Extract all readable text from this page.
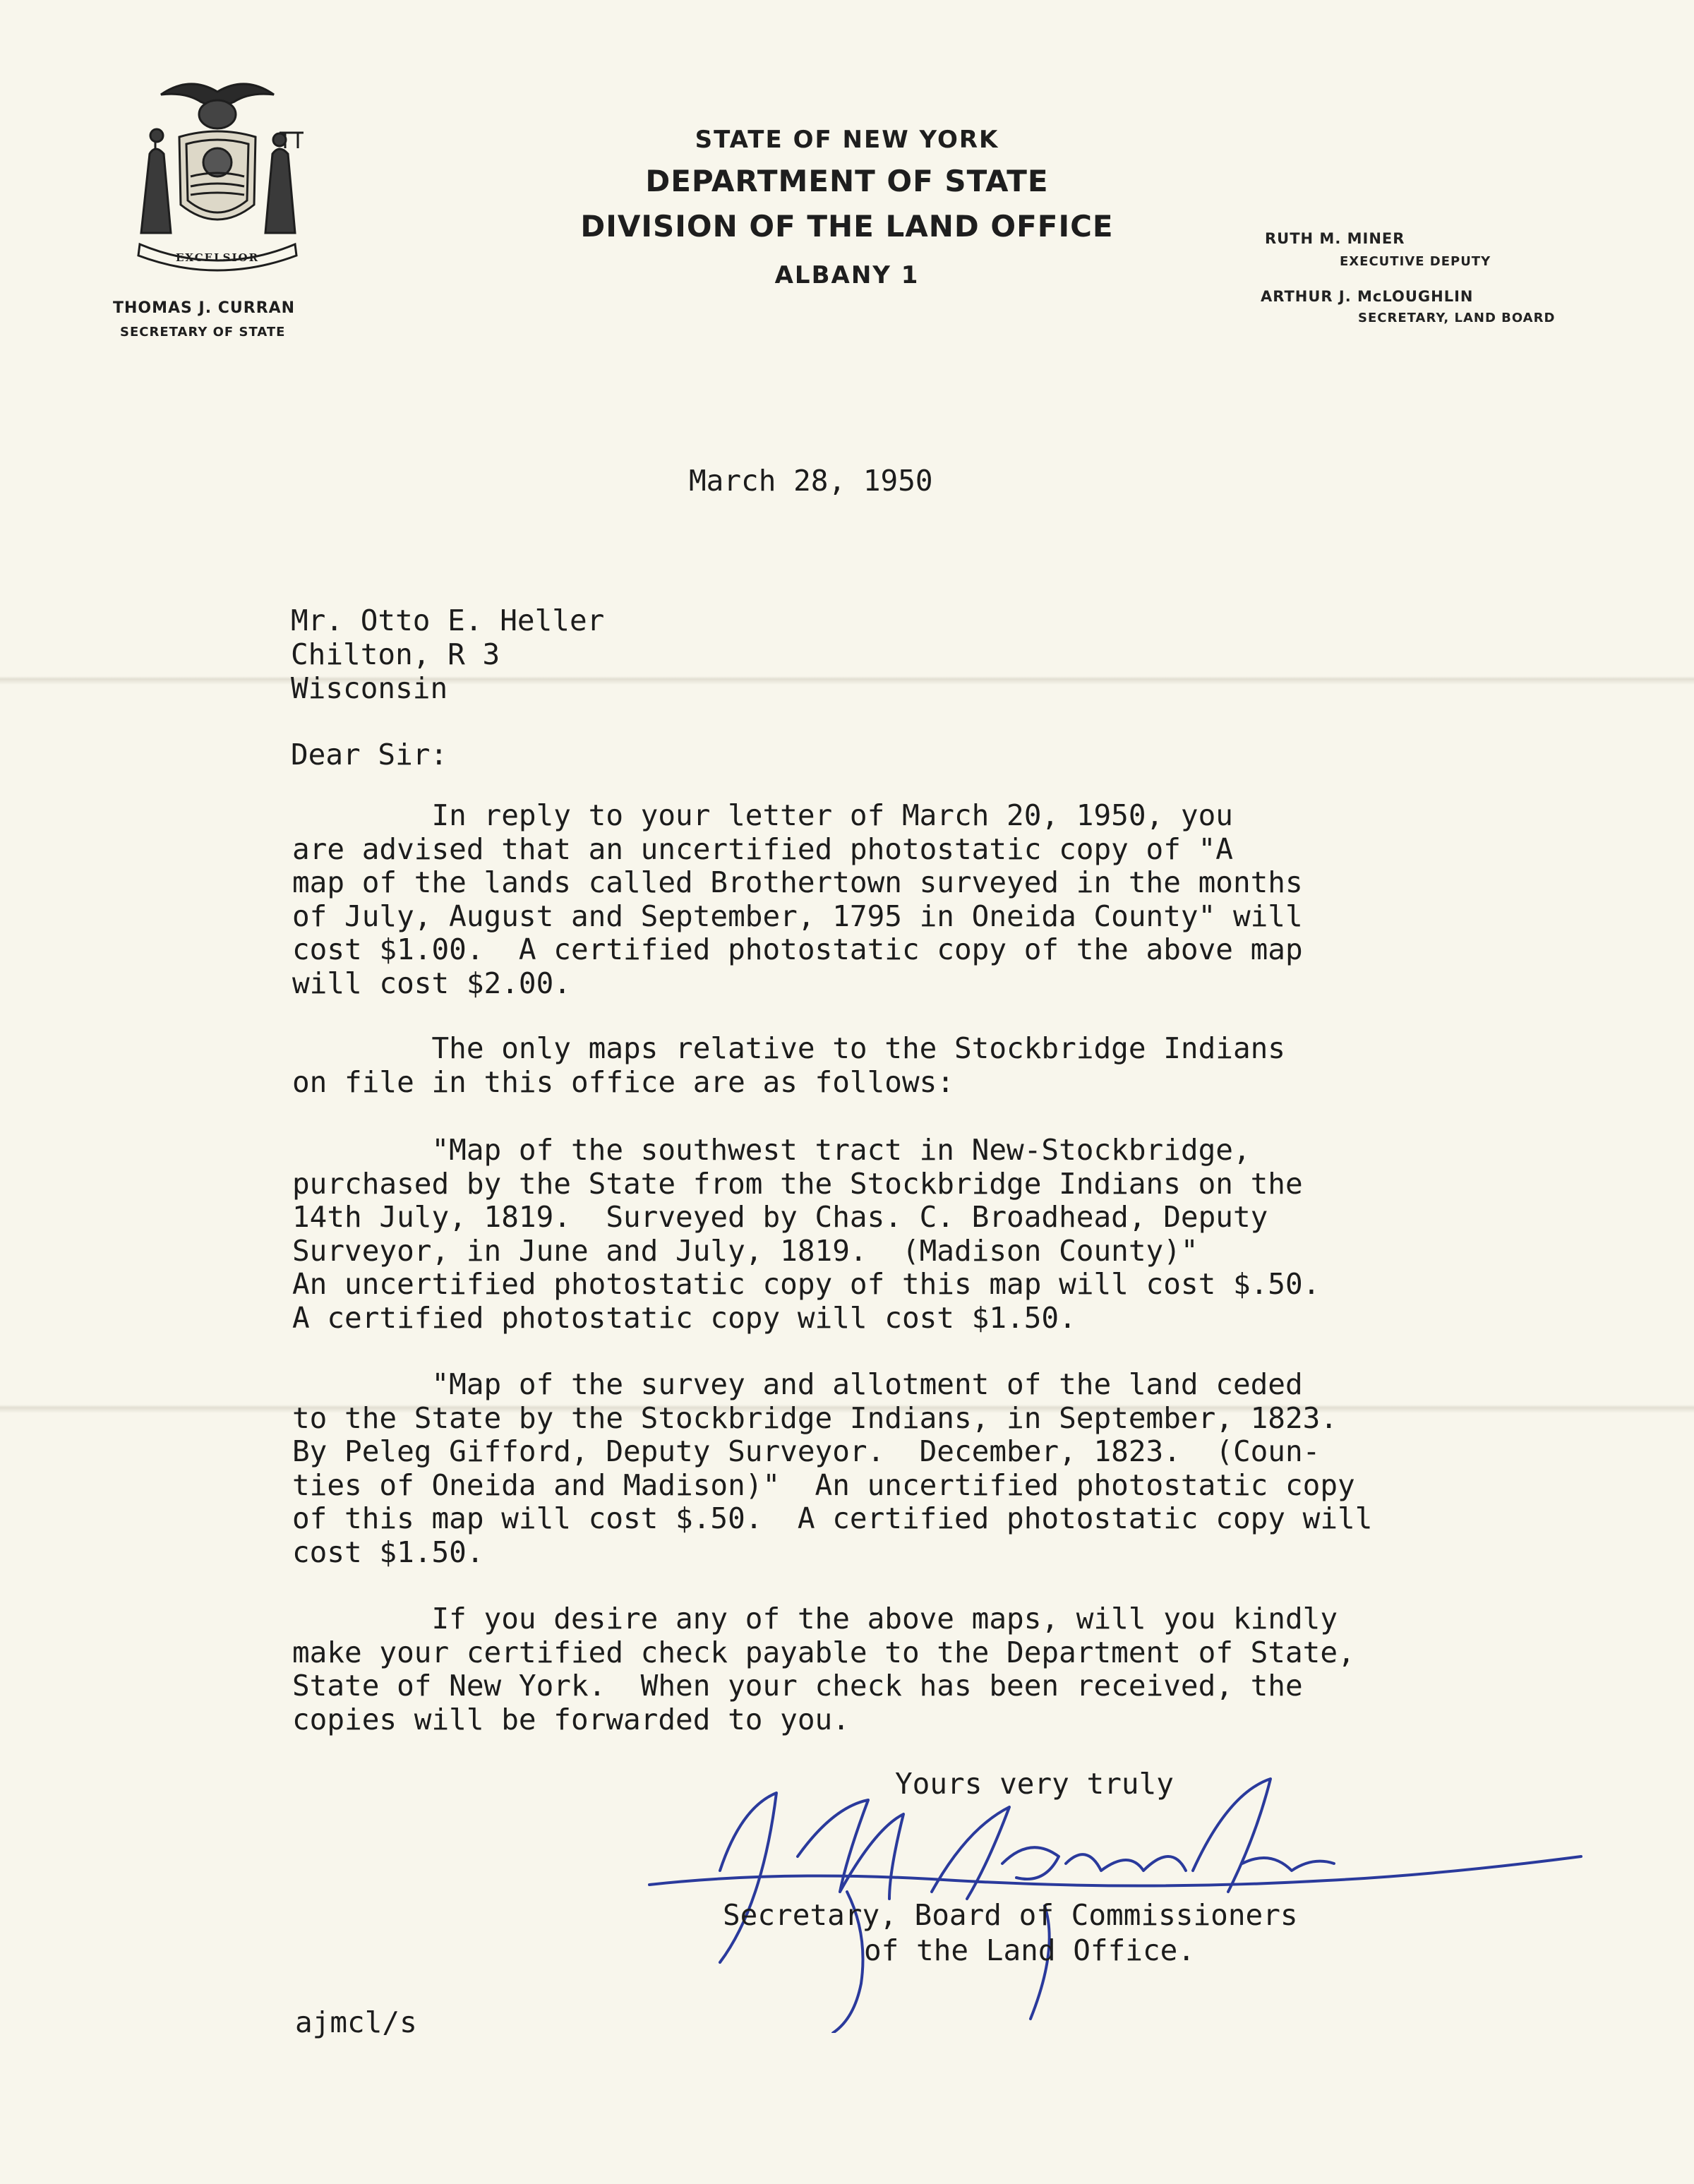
EXCELSIOR
THOMAS J. CURRAN
SECRETARY OF STATE
STATE OF NEW YORK
DEPARTMENT OF STATE
DIVISION OF THE LAND OFFICE
ALBANY 1
RUTH M. MINER
EXECUTIVE DEPUTY
ARTHUR J. McLOUGHLIN
SECRETARY, LAND BOARD

March 28, 1950

Mr. Otto E. Heller

Chilton, R 3

Wisconsin

Dear Sir:

In reply to your letter of March 20, 1950, you
are advised that an uncertified photostatic copy of "A
map of the lands called Brothertown surveyed in the months
of July, August and September, 1795 in Oneida County" will
cost $1.00.  A certified photostatic copy of the above map
will cost $2.00.

The only maps relative to the Stockbridge Indians
on file in this office are as follows:

"Map of the southwest tract in New-Stockbridge,
purchased by the State from the Stockbridge Indians on the
14th July, 1819.  Surveyed by Chas. C. Broadhead, Deputy
Surveyor, in June and July, 1819.  (Madison County)"
An uncertified photostatic copy of this map will cost $.50.
A certified photostatic copy will cost $1.50.

"Map of the survey and allotment of the land ceded
to the State by the Stockbridge Indians, in September, 1823.
By Peleg Gifford, Deputy Surveyor.  December, 1823.  (Coun-
ties of Oneida and Madison)"  An uncertified photostatic copy
of this map will cost $.50.  A certified photostatic copy will
cost $1.50.

If you desire any of the above maps, will you kindly
make your certified check payable to the Department of State,
State of New York.  When your check has been received, the
copies will be forwarded to you.

Yours very truly

Secretary, Board of Commissioners

of the Land Office.

ajmcl/s
